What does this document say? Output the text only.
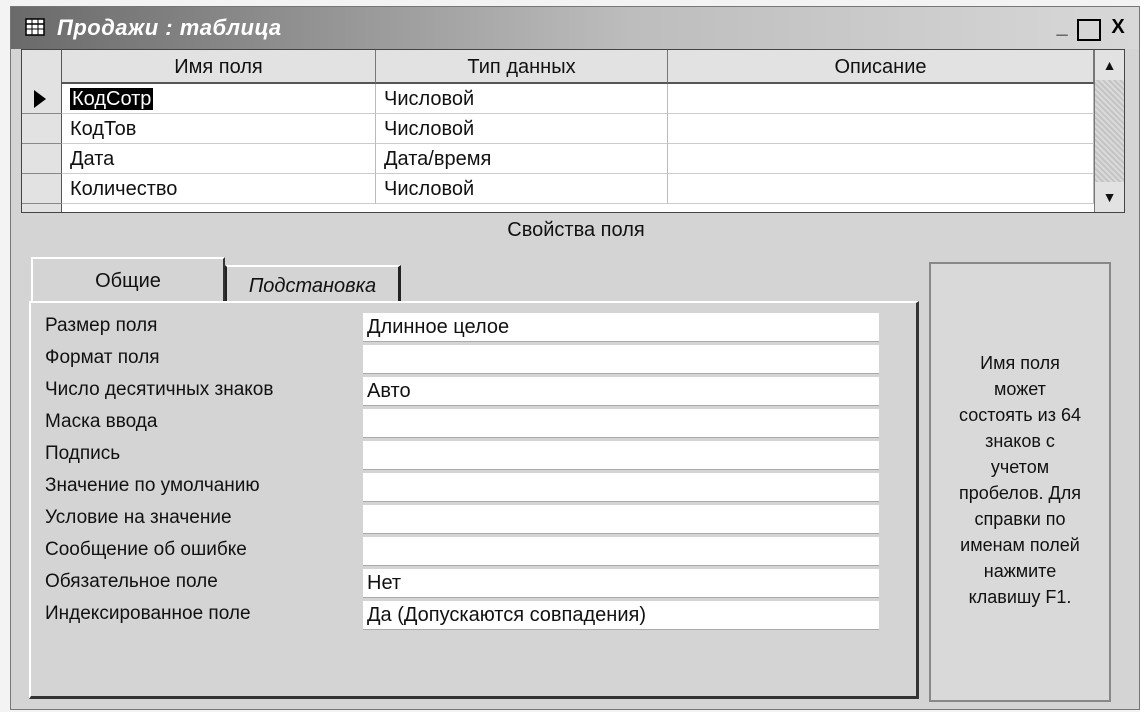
Продажи : таблица	_	X
Имя поля	Тип данных	Описание
КодСотр	Числовой
КодТов	Числовой
Дата	Дата/время
Количество	Числовой
▲
▼
Свойства поля
Общие	Подстановка
Размер поля	Длинное целое
Формат поля
Число десятичных знаков	Авто
Маска ввода
Подпись
Значение по умолчанию
Условие на значение
Сообщение об ошибке
Обязательное поле	Нет
Индексированное поле	Да (Допускаются совпадения)
Имя поля
может
состоять из 64
знаков с
учетом
пробелов. Для
справки по
именам полей
нажмите
клавишу F1.
